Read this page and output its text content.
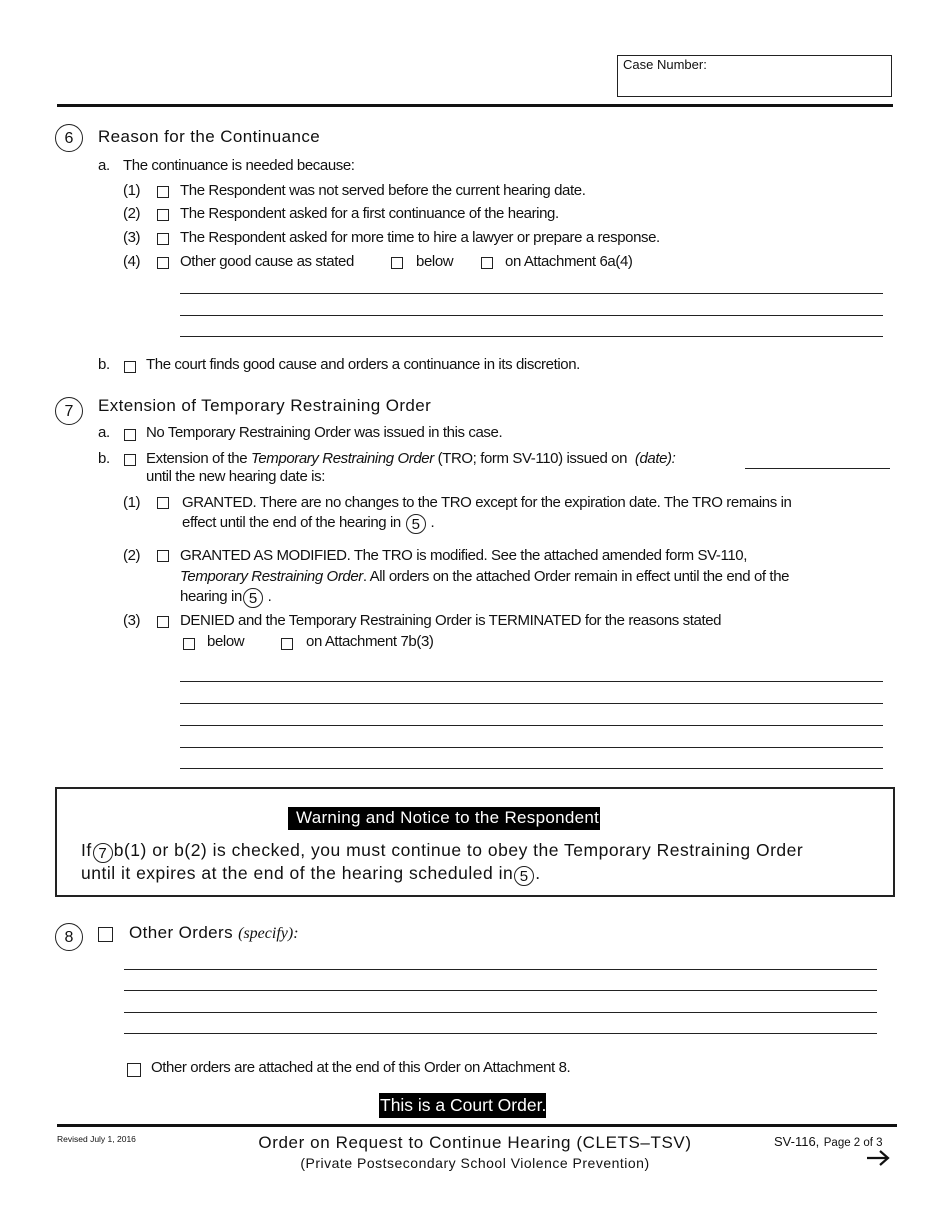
Case Number:
6	Reason for the Continuance
a. The continuance is needed because:
(1)	The Respondent was not served before the current hearing date.
(2)	The Respondent asked for a first continuance of the hearing.
(3)	The Respondent asked for more time to hire a lawyer or prepare a response.
(4)	Other good cause as stated	below	on Attachment 6a(4)
b. The court finds good cause and orders a continuance in its discretion.
7	Extension of Temporary Restraining Order
a. No Temporary Restraining Order was issued in this case.
b. Extension of the Temporary Restraining Order (TRO; form SV-110) issued on (date):
until the new hearing date is:
(1)	GRANTED. There are no changes to the TRO except for the expiration date. The TRO remains in
effect until the end of the hearing in 5 .
(2)	GRANTED AS MODIFIED. The TRO is modified. See the attached amended form SV-110,
Temporary Restraining Order. All orders on the attached Order remain in effect until the end of the
hearing in 5 .
(3)	DENIED and the Temporary Restraining Order is TERMINATED for the reasons stated
below	on Attachment 7b(3)
Warning and Notice to the Respondent
If 7 b(1) or b(2) is checked, you must continue to obey the Temporary Restraining Order
until it expires at the end of the hearing scheduled in 5 .
8	Other Orders (specify):
Other orders are attached at the end of this Order on Attachment 8.
This is a Court Order.
Revised July 1, 2016	Order on Request to Continue Hearing (CLETS–TSV)
(Private Postsecondary School Violence Prevention)
SV-116, Page 2 of 3
